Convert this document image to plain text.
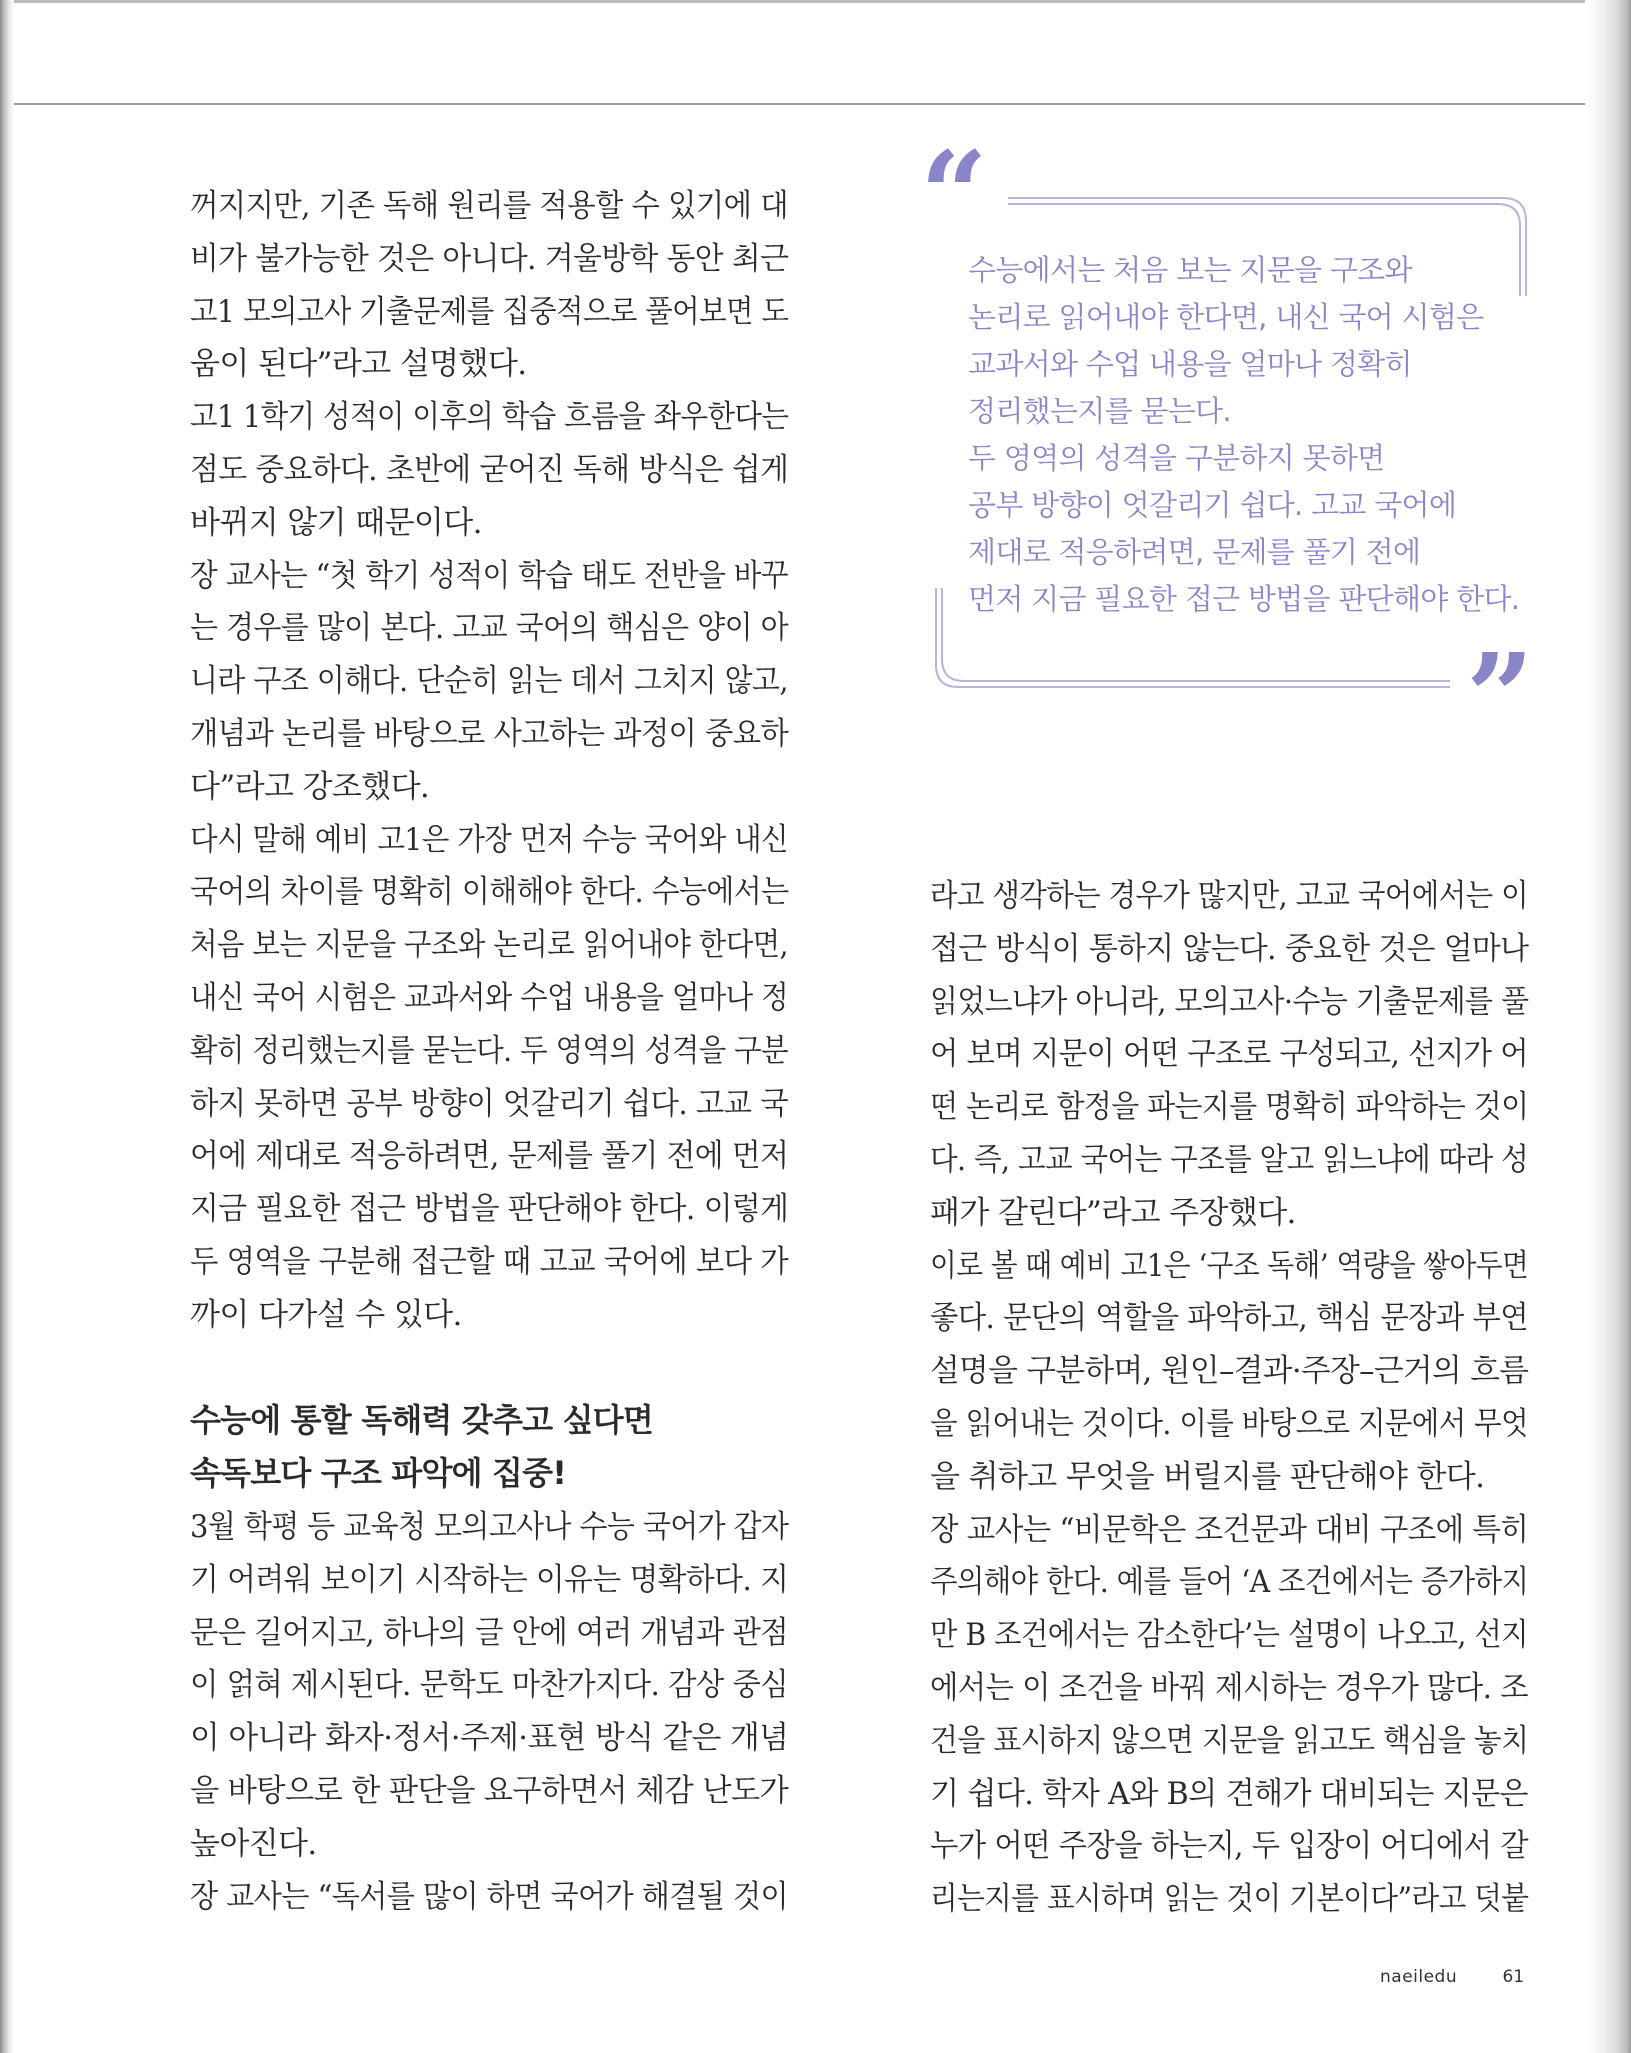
꺼지지만, 기존 독해 원리를 적용할 수 있기에 대
비가 불가능한 것은 아니다. 겨울방학 동안 최근
고1 모의고사 기출문제를 집중적으로 풀어보면 도
움이 된다”라고 설명했다.
고1 1학기 성적이 이후의 학습 흐름을 좌우한다는
점도 중요하다. 초반에 굳어진 독해 방식은 쉽게
바뀌지 않기 때문이다.
장 교사는 “첫 학기 성적이 학습 태도 전반을 바꾸
는 경우를 많이 본다. 고교 국어의 핵심은 양이 아
니라 구조 이해다. 단순히 읽는 데서 그치지 않고,
개념과 논리를 바탕으로 사고하는 과정이 중요하
다”라고 강조했다.
다시 말해 예비 고1은 가장 먼저 수능 국어와 내신
국어의 차이를 명확히 이해해야 한다. 수능에서는
처음 보는 지문을 구조와 논리로 읽어내야 한다면,
내신 국어 시험은 교과서와 수업 내용을 얼마나 정
확히 정리했는지를 묻는다. 두 영역의 성격을 구분
하지 못하면 공부 방향이 엇갈리기 쉽다. 고교 국
어에 제대로 적응하려면, 문제를 풀기 전에 먼저
지금 필요한 접근 방법을 판단해야 한다. 이렇게
두 영역을 구분해 접근할 때 고교 국어에 보다 가
까이 다가설 수 있다.
수능에 통할 독해력 갖추고 싶다면
속독보다 구조 파악에 집중!
3월 학평 등 교육청 모의고사나 수능 국어가 갑자
기 어려워 보이기 시작하는 이유는 명확하다. 지
문은 길어지고, 하나의 글 안에 여러 개념과 관점
이 얽혀 제시된다. 문학도 마찬가지다. 감상 중심
이 아니라 화자·정서·주제·표현 방식 같은 개념
을 바탕으로 한 판단을 요구하면서 체감 난도가
높아진다.
장 교사는 “독서를 많이 하면 국어가 해결될 것이
“
”
수능에서는 처음 보는 지문을 구조와
논리로 읽어내야 한다면, 내신 국어 시험은
교과서와 수업 내용을 얼마나 정확히
정리했는지를 묻는다.
두 영역의 성격을 구분하지 못하면
공부 방향이 엇갈리기 쉽다. 고교 국어에
제대로 적응하려면, 문제를 풀기 전에
먼저 지금 필요한 접근 방법을 판단해야 한다.
라고 생각하는 경우가 많지만, 고교 국어에서는 이
접근 방식이 통하지 않는다. 중요한 것은 얼마나
읽었느냐가 아니라, 모의고사·수능 기출문제를 풀
어 보며 지문이 어떤 구조로 구성되고, 선지가 어
떤 논리로 함정을 파는지를 명확히 파악하는 것이
다. 즉, 고교 국어는 구조를 알고 읽느냐에 따라 성
패가 갈린다”라고 주장했다.
이로 볼 때 예비 고1은 ‘구조 독해’ 역량을 쌓아두면
좋다. 문단의 역할을 파악하고, 핵심 문장과 부연
설명을 구분하며, 원인–결과·주장–근거의 흐름
을 읽어내는 것이다. 이를 바탕으로 지문에서 무엇
을 취하고 무엇을 버릴지를 판단해야 한다.
장 교사는 “비문학은 조건문과 대비 구조에 특히
주의해야 한다. 예를 들어 ‘A 조건에서는 증가하지
만 B 조건에서는 감소한다’는 설명이 나오고, 선지
에서는 이 조건을 바꿔 제시하는 경우가 많다. 조
건을 표시하지 않으면 지문을 읽고도 핵심을 놓치
기 쉽다. 학자 A와 B의 견해가 대비되는 지문은
누가 어떤 주장을 하는지, 두 입장이 어디에서 갈
리는지를 표시하며 읽는 것이 기본이다”라고 덧붙
naeiledu	61
